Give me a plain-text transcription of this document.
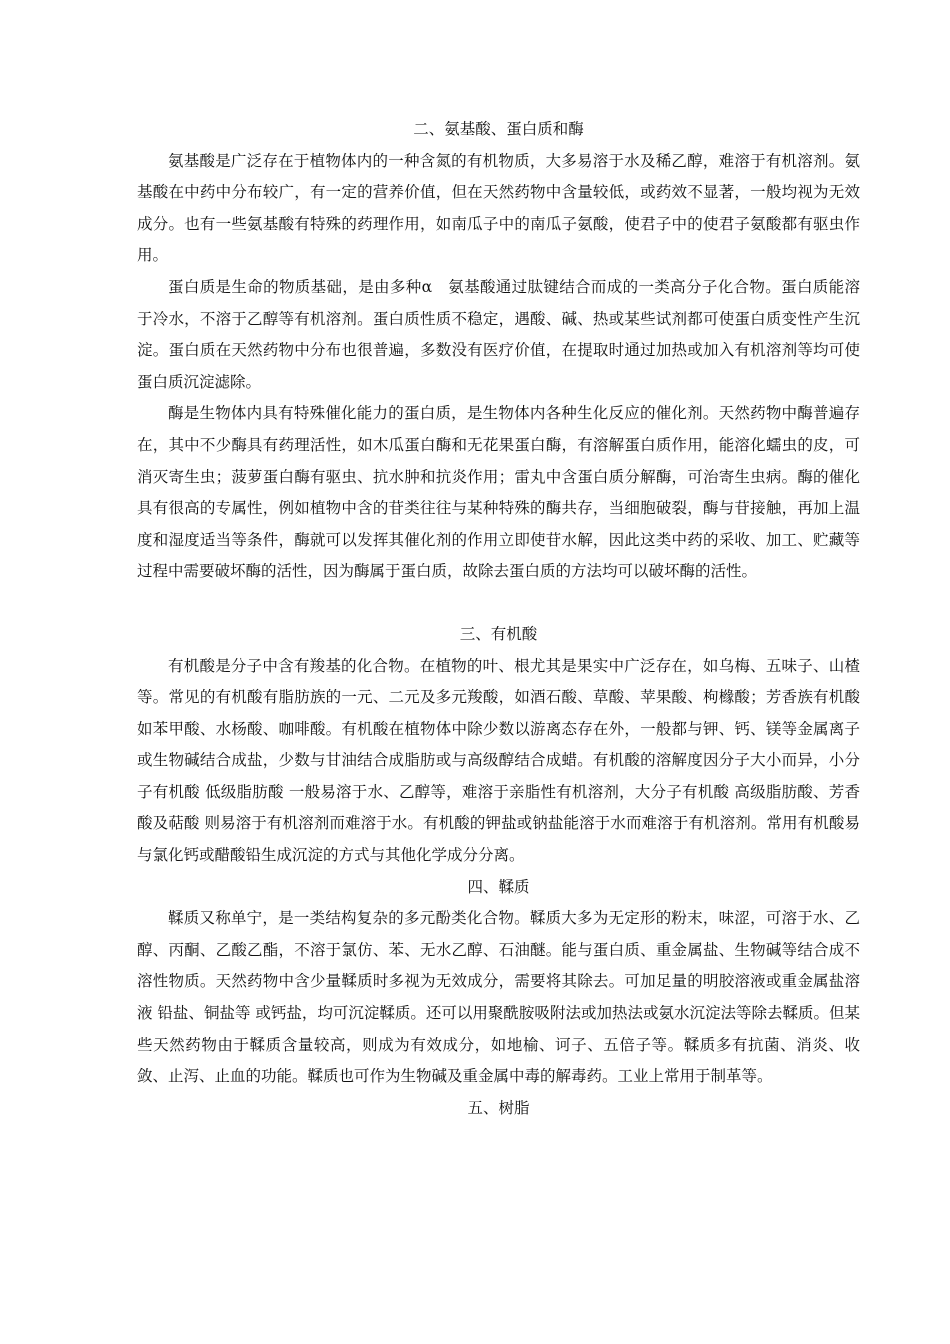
二、氨基酸、蛋白质和酶

氨基酸是广泛存在于植物体内的一种含氮的有机物质，大多易溶于水及稀乙醇，难溶于有机溶剂。氨基酸在中药中分布较广，有一定的营养价值，但在天然药物中含量较低，或药效不显著，一般均视为无效成分。也有一些氨基酸有特殊的药理作用，如南瓜子中的南瓜子氨酸，使君子中的使君子氨酸都有驱虫作用。

蛋白质是生命的物质基础，是由多种α　氨基酸通过肽键结合而成的一类高分子化合物。蛋白质能溶于冷水，不溶于乙醇等有机溶剂。蛋白质性质不稳定，遇酸、碱、热或某些试剂都可使蛋白质变性产生沉淀。蛋白质在天然药物中分布也很普遍，多数没有医疗价值，在提取时通过加热或加入有机溶剂等均可使蛋白质沉淀滤除。

酶是生物体内具有特殊催化能力的蛋白质，是生物体内各种生化反应的催化剂。天然药物中酶普遍存在，其中不少酶具有药理活性，如木瓜蛋白酶和无花果蛋白酶，有溶解蛋白质作用，能溶化蠕虫的皮，可消灭寄生虫；菠萝蛋白酶有驱虫、抗水肿和抗炎作用；雷丸中含蛋白质分解酶，可治寄生虫病。酶的催化具有很高的专属性，例如植物中含的苷类往往与某种特殊的酶共存，当细胞破裂，酶与苷接触，再加上温度和湿度适当等条件，酶就可以发挥其催化剂的作用立即使苷水解，因此这类中药的采收、加工、贮藏等过程中需要破坏酶的活性，因为酶属于蛋白质，故除去蛋白质的方法均可以破坏酶的活性。

三、有机酸

有机酸是分子中含有羧基的化合物。在植物的叶、根尤其是果实中广泛存在，如乌梅、五味子、山楂等。常见的有机酸有脂肪族的一元、二元及多元羧酸，如酒石酸、草酸、苹果酸、枸橼酸；芳香族有机酸如苯甲酸、水杨酸、咖啡酸。有机酸在植物体中除少数以游离态存在外，一般都与钾、钙、镁等金属离子或生物碱结合成盐，少数与甘油结合成脂肪或与高级醇结合成蜡。有机酸的溶解度因分子大小而异，小分子有机酸 低级脂肪酸 一般易溶于水、乙醇等，难溶于亲脂性有机溶剂，大分子有机酸 高级脂肪酸、芳香酸及萜酸 则易溶于有机溶剂而难溶于水。有机酸的钾盐或钠盐能溶于水而难溶于有机溶剂。常用有机酸易与氯化钙或醋酸铅生成沉淀的方式与其他化学成分分离。

四、鞣质

鞣质又称单宁，是一类结构复杂的多元酚类化合物。鞣质大多为无定形的粉末，味涩，可溶于水、乙醇、丙酮、乙酸乙酯，不溶于氯仿、苯、无水乙醇、石油醚。能与蛋白质、重金属盐、生物碱等结合成不溶性物质。天然药物中含少量鞣质时多视为无效成分，需要将其除去。可加足量的明胶溶液或重金属盐溶液 铅盐、铜盐等 或钙盐，均可沉淀鞣质。还可以用聚酰胺吸附法或加热法或氨水沉淀法等除去鞣质。但某些天然药物由于鞣质含量较高，则成为有效成分，如地榆、诃子、五倍子等。鞣质多有抗菌、消炎、收敛、止泻、止血的功能。鞣质也可作为生物碱及重金属中毒的解毒药。工业上常用于制革等。

五、树脂
